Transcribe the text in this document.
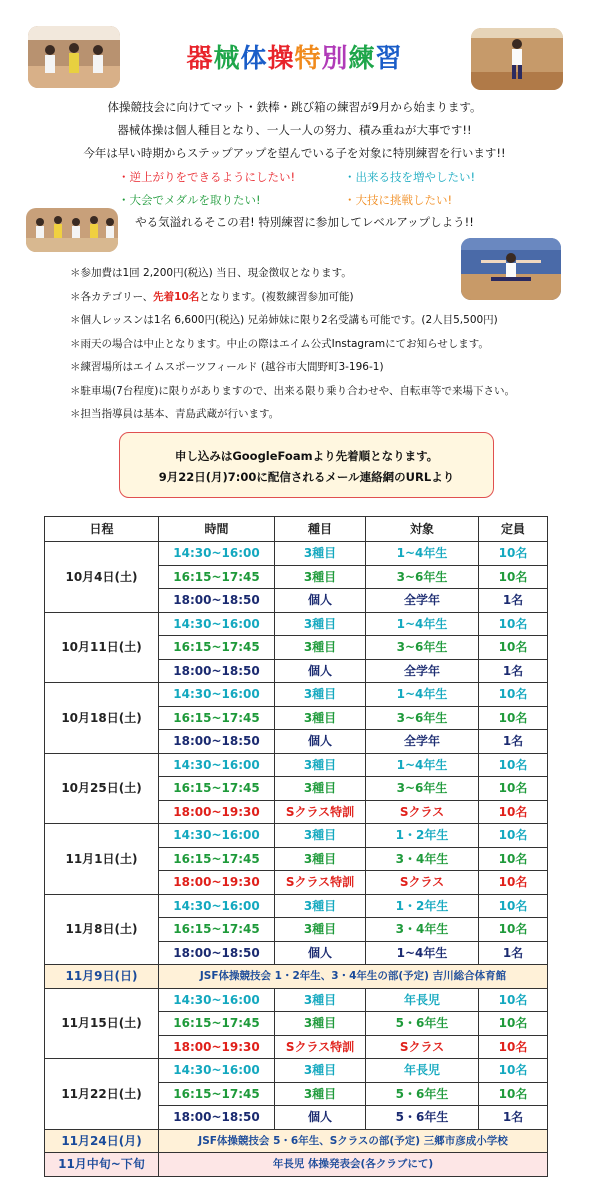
器械体操特別練習
体操競技会に向けてマット・鉄棒・跳び箱の練習が9月から始まります。
器械体操は個人種目となり、一人一人の努力、積み重ねが大事です!!
今年は早い時期からステップアップを望んでいる子を対象に特別練習を行います!!
・逆上がりをできるようにしたい!	・出来る技を増やしたい!
・大会でメダルを取りたい!	・大技に挑戦したい!
やる気溢れるそこの君! 特別練習に参加してレベルアップしよう!!
＊参加費は1回 2,200円(税込) 当日、現金徴収となります。
＊各カテゴリー、先着10名となります。(複数練習参加可能)
＊個人レッスンは1名 6,600円(税込) 兄弟姉妹に限り2名受講も可能です。(2人目5,500円)
＊雨天の場合は中止となります。中止の際はエイム公式Instagramにてお知らせします。
＊練習場所はエイムスポーツフィールド (越谷市大間野町3-196-1)
＊駐車場(7台程度)に限りがありますので、出来る限り乗り合わせや、自転車等で来場下さい。
＊担当指導員は基本、青島武蔵が行います。
申し込みはGoogleFoamより先着順となります。
9月22日(月)7:00に配信されるメール連絡網のURLより
日程	時間	種目	対象	定員
10月4日(土)	14:30~16:00	3種目	1~4年生	10名
	16:15~17:45	3種目	3~6年生	10名
	18:00~18:50	個人	全学年	1名
10月11日(土)	14:30~16:00	3種目	1~4年生	10名
	16:15~17:45	3種目	3~6年生	10名
	18:00~18:50	個人	全学年	1名
10月18日(土)	14:30~16:00	3種目	1~4年生	10名
	16:15~17:45	3種目	3~6年生	10名
	18:00~18:50	個人	全学年	1名
10月25日(土)	14:30~16:00	3種目	1~4年生	10名
	16:15~17:45	3種目	3~6年生	10名
	18:00~19:30	Sクラス特訓	Sクラス	10名
11月1日(土)	14:30~16:00	3種目	1・2年生	10名
	16:15~17:45	3種目	3・4年生	10名
	18:00~19:30	Sクラス特訓	Sクラス	10名
11月8日(土)	14:30~16:00	3種目	1・2年生	10名
	16:15~17:45	3種目	3・4年生	10名
	18:00~18:50	個人	1~4年生	1名
11月9日(日)	JSF体操競技会 1・2年生、3・4年生の部(予定) 吉川総合体育館			
11月15日(土)	14:30~16:00	3種目	年長児	10名
	16:15~17:45	3種目	5・6年生	10名
	18:00~19:30	Sクラス特訓	Sクラス	10名
11月22日(土)	14:30~16:00	3種目	年長児	10名
	16:15~17:45	3種目	5・6年生	10名
	18:00~18:50	個人	5・6年生	1名
11月24日(月)	JSF体操競技会 5・6年生、Sクラスの部(予定) 三郷市彦成小学校			
11月中旬~下旬	年長児 体操発表会(各クラブにて)			
